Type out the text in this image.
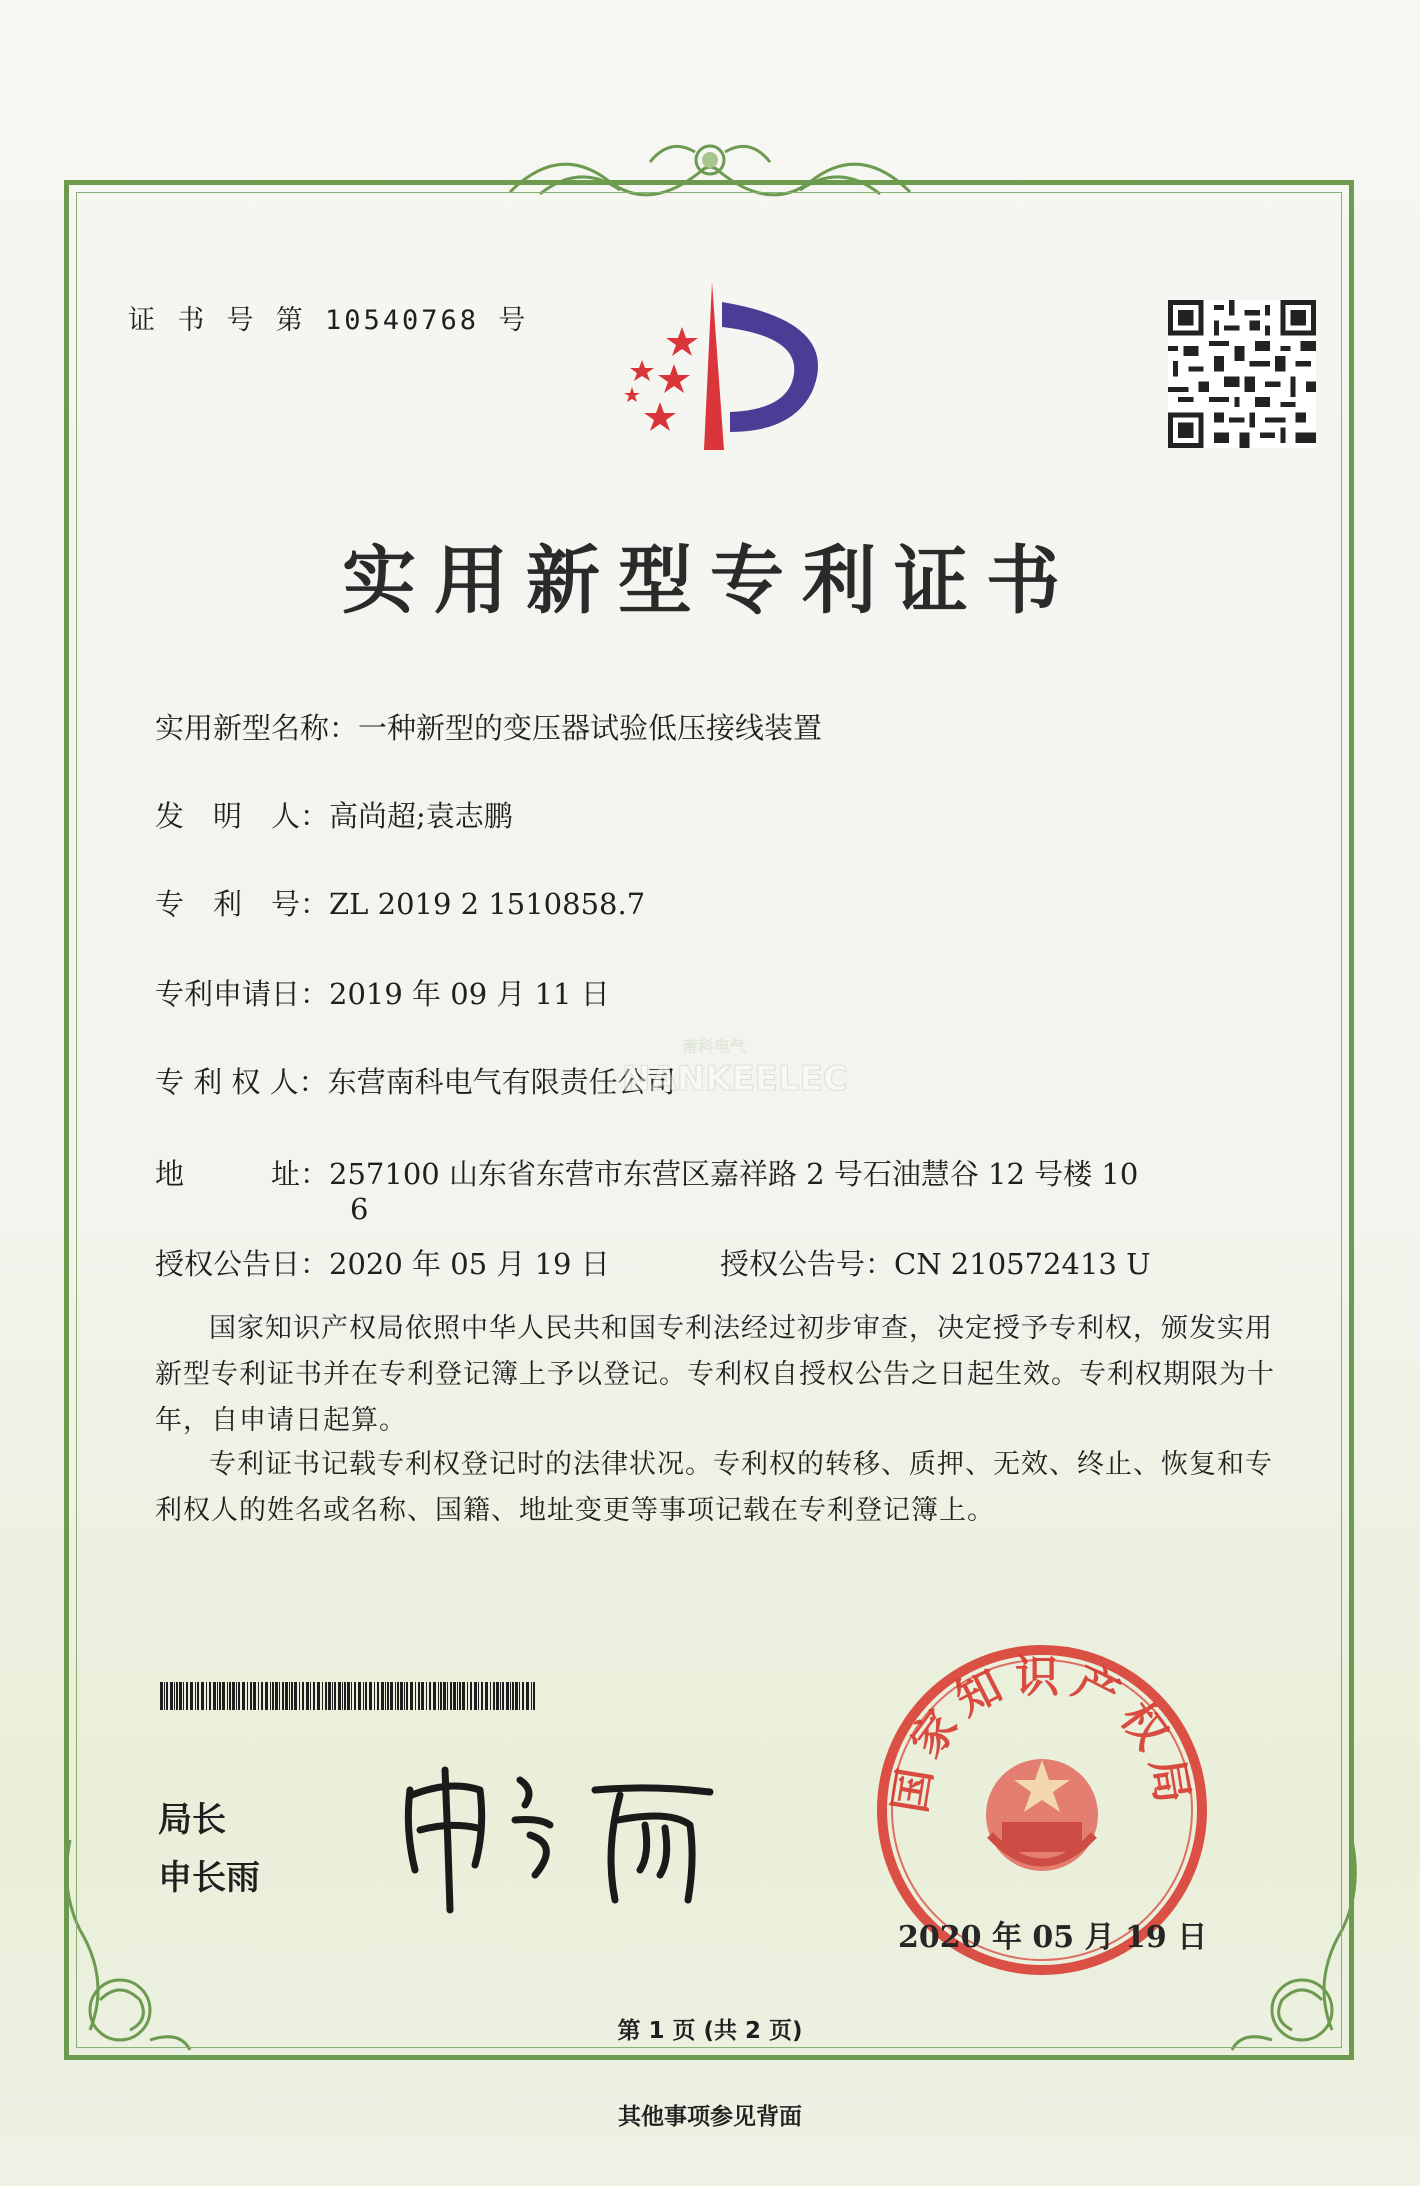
证 书 号 第 10540768 号
实用新型专利证书
实用新型名称：一种新型的变压器试验低压接线装置
发　明　人：高尚超;袁志鹏
专　利　号：ZL 2019 2 1510858.7
专利申请日：2019 年 09 月 11 日
专 利 权 人：东营南科电气有限责任公司
地　　　址：257100 山东省东营市东营区嘉祥路 2 号石油慧谷 12 号楼 10
6
授权公告日：2020 年 05 月 19 日	授权公告号：CN 210572413 U
南科电气
NANKEELEC
国家知识产权局依照中华人民共和国专利法经过初步审查，决定授予专利权，颁发实用新型专利证书并在专利登记簿上予以登记。专利权自授权公告之日起生效。专利权期限为十年，自申请日起算。
专利证书记载专利权登记时的法律状况。专利权的转移、质押、无效、终止、恢复和专利权人的姓名或名称、国籍、地址变更等事项记载在专利登记簿上。
局长
申长雨
国家知识产权局
2020 年 05 月 19 日
第 1 页 (共 2 页)
其他事项参见背面
